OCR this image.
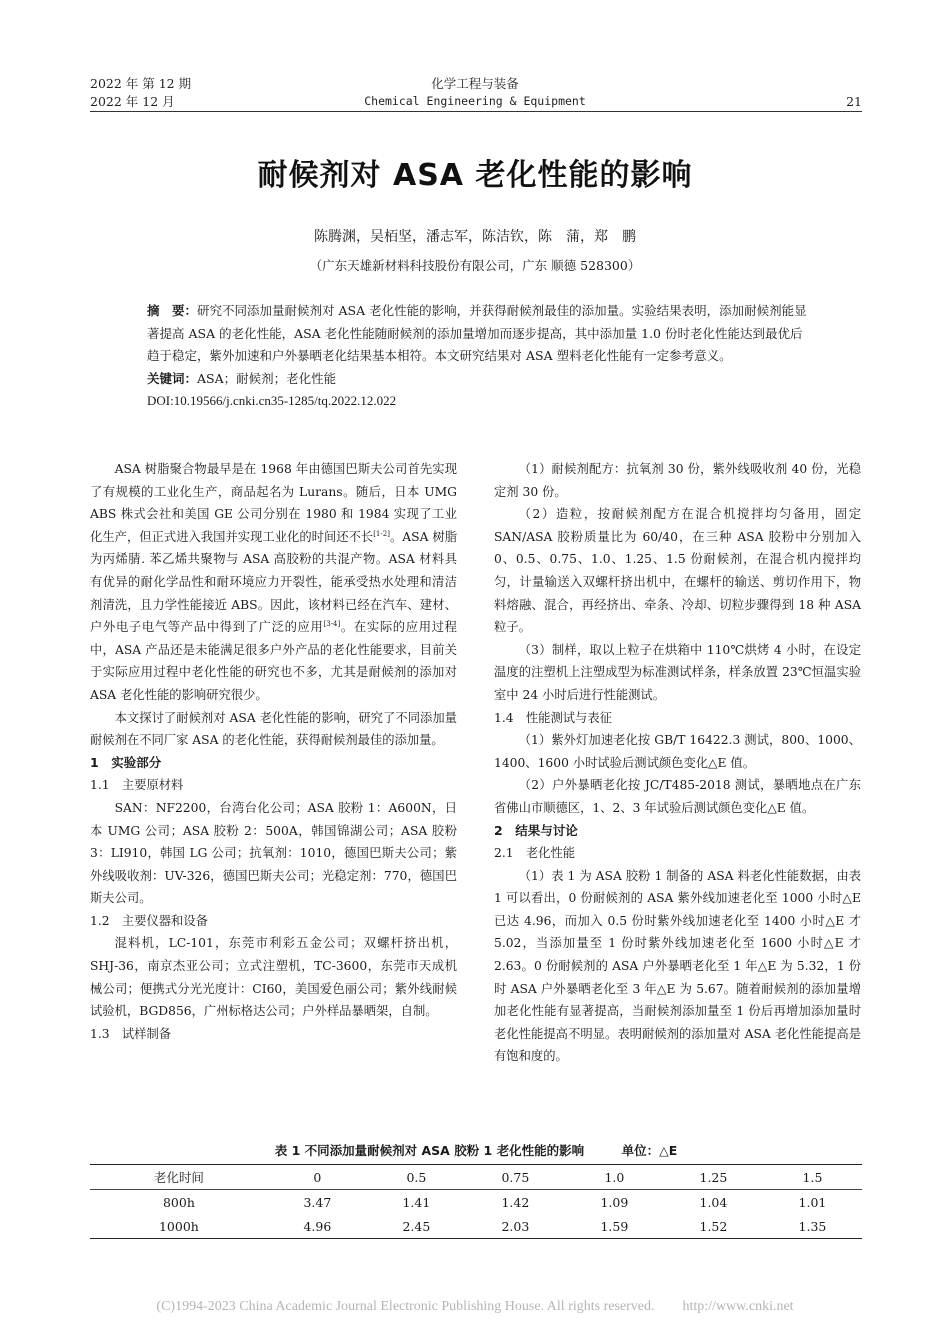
2022 年 第 12 期
2022 年 12 月
化学工程与装备
Chemical Engineering & Equipment	21
耐候剂对 ASA 老化性能的影响
陈腾渊，吴栢坚，潘志军，陈洁钦，陈　蒲，郑　鹏
（广东天雄新材料科技股份有限公司，广东 顺德 528300）

摘　要：研究不同添加量耐候剂对 ASA 老化性能的影响，并获得耐候剂最佳的添加量。实验结果表明，添加耐候剂能显著提高 ASA 的老化性能，ASA 老化性能随耐候剂的添加量增加而逐步提高，其中添加量 1.0 份时老化性能达到最优后趋于稳定，紫外加速和户外暴晒老化结果基本相符。本文研究结果对 ASA 塑料老化性能有一定参考意义。

关键词：ASA；耐候剂；老化性能

DOI:10.19566/j.cnki.cn35-1285/tq.2022.12.022

ASA 树脂聚合物最早是在 1968 年由德国巴斯夫公司首先实现了有规模的工业化生产，商品起名为 Lurans。随后，日本 UMG ABS 株式会社和美国 GE 公司分别在 1980 和 1984 实现了工业化生产，但正式进入我国并实现工业化的时间还不长[1-2]。ASA 树脂为丙烯腈. 苯乙烯共聚物与 ASA 高胶粉的共混产物。ASA 材料具有优异的耐化学品性和耐环境应力开裂性，能承受热水处理和清洁剂清洗，且力学性能接近 ABS。因此，该材料已经在汽车、建材、户外电子电气等产品中得到了广泛的应用[3-4]。在实际的应用过程中，ASA 产品还是未能满足很多户外产品的老化性能要求，目前关于实际应用过程中老化性能的研究也不多，尤其是耐候剂的添加对 ASA 老化性能的影响研究很少。

本文探讨了耐候剂对 ASA 老化性能的影响，研究了不同添加量耐候剂在不同厂家 ASA 的老化性能，获得耐候剂最佳的添加量。

1　实验部分

1.1　主要原材料

SAN：NF2200，台湾台化公司；ASA 胶粉 1：A600N，日本 UMG 公司；ASA 胶粉 2：500A，韩国锦湖公司；ASA 胶粉 3：LI910，韩国 LG 公司；抗氧剂：1010，德国巴斯夫公司；紫外线吸收剂：UV-326，德国巴斯夫公司；光稳定剂：770，德国巴斯夫公司。

1.2　主要仪器和设备

混料机，LC-101，东莞市利彩五金公司；双螺杆挤出机，SHJ-36，南京杰亚公司；立式注塑机，TC-3600，东莞市天成机械公司；便携式分光光度计：CI60，美国爱色丽公司；紫外线耐候试验机，BGD856，广州标格达公司；户外样品暴晒架，自制。

1.3　试样制备

（1）耐候剂配方：抗氧剂 30 份，紫外线吸收剂 40 份，光稳定剂 30 份。

（2）造粒，按耐候剂配方在混合机搅拌均匀备用，固定 SAN/ASA 胶粉质量比为 60/40，在三种 ASA 胶粉中分别加入 0、0.5、0.75、1.0、1.25、1.5 份耐候剂，在混合机内搅拌均匀，计量输送入双螺杆挤出机中，在螺杆的输送、剪切作用下，物料熔融、混合，再经挤出、牵条、冷却、切粒步骤得到 18 种 ASA 粒子。

（3）制样，取以上粒子在烘箱中 110℃烘烤 4 小时，在设定温度的注塑机上注塑成型为标准测试样条，样条放置 23℃恒温实验室中 24 小时后进行性能测试。

1.4　性能测试与表征

（1）紫外灯加速老化按 GB/T 16422.3 测试，800、1000、1400、1600 小时试验后测试颜色变化△E 值。

（2）户外暴晒老化按 JC/T485-2018 测试，暴晒地点在广东省佛山市顺德区，1、2、3 年试验后测试颜色变化△E 值。

2　结果与讨论

2.1　老化性能

（1）表 1 为 ASA 胶粉 1 制备的 ASA 料老化性能数据，由表 1 可以看出，0 份耐候剂的 ASA 紫外线加速老化至 1000 小时△E 已达 4.96，而加入 0.5 份时紫外线加速老化至 1400 小时△E 才 5.02，当添加量至 1 份时紫外线加速老化至 1600 小时△E 才 2.63。0 份耐候剂的 ASA 户外暴晒老化至 1 年△E 为 5.32，1 份时 ASA 户外暴晒老化至 3 年△E 为 5.67。随着耐候剂的添加量增加老化性能有显著提高，当耐候剂添加量至 1 份后再增加添加量时老化性能提高不明显。表明耐候剂的添加量对 ASA 老化性能提高是有饱和度的。

表 1 不同添加量耐候剂对 ASA 胶粉 1 老化性能的影响　　　单位：△E
老化时间	0	0.5	0.75	1.0	1.25	1.5
800h	3.47	1.41	1.42	1.09	1.04	1.01
1000h	4.96	2.45	2.03	1.59	1.52	1.35
(C)1994-2023 China Academic Journal Electronic Publishing House. All rights reserved.　　http://www.cnki.net
